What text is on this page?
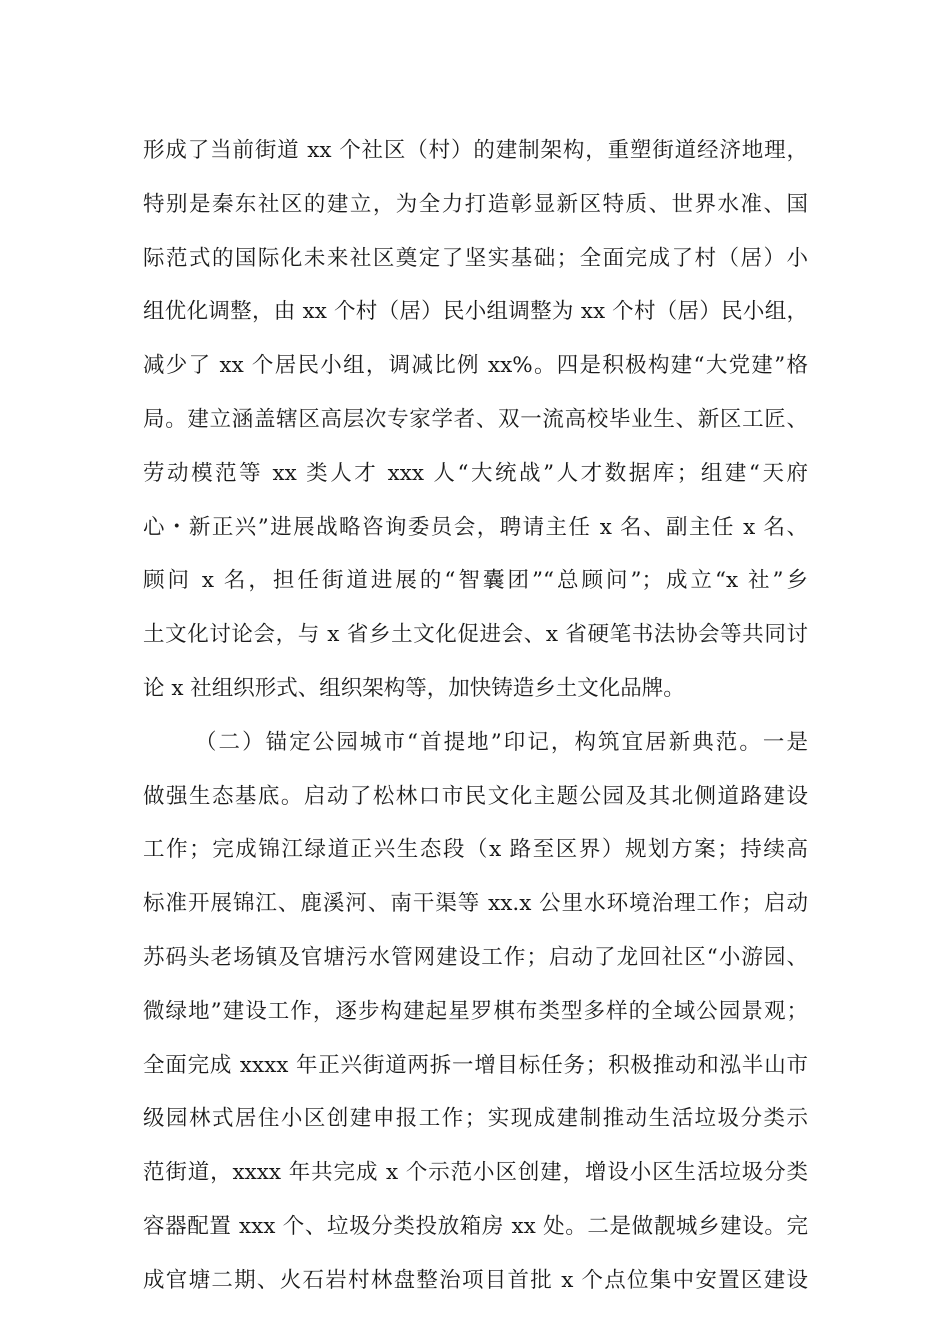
形成了当前街道 xx 个社区（村）的建制架构，重塑街道经济地理，
特别是秦东社区的建立，为全力打造彰显新区特质、世界水准、国
际范式的国际化未来社区奠定了坚实基础；全面完成了村（居）小
组优化调整，由 xx 个村（居）民小组调整为 xx 个村（居）民小组，
减少了 xx 个居民小组，调减比例 xx%。四是积极构建“大党建”格
局。建立涵盖辖区高层次专家学者、双一流高校毕业生、新区工匠、
劳动模范等 xx 类人才 xxx 人“大统战”人才数据库；组建“天府
心・新正兴”进展战略咨询委员会，聘请主任 x 名、副主任 x 名、
顾问 x 名，担任街道进展的“智囊团”“总顾问”；成立“x 社”乡
土文化讨论会，与 x 省乡土文化促进会、x 省硬笔书法协会等共同讨
论 x 社组织形式、组织架构等，加快铸造乡土文化品牌。
（二）锚定公园城市“首提地”印记，构筑宜居新典范。一是
做强生态基底。启动了松林口市民文化主题公园及其北侧道路建设
工作；完成锦江绿道正兴生态段（x 路至区界）规划方案；持续高
标准开展锦江、鹿溪河、南干渠等 xx.x 公里水环境治理工作；启动
苏码头老场镇及官塘污水管网建设工作；启动了龙回社区“小游园、
微绿地”建设工作，逐步构建起星罗棋布类型多样的全域公园景观；
全面完成 xxxx 年正兴街道两拆一增目标任务；积极推动和泓半山市
级园林式居住小区创建申报工作；实现成建制推动生活垃圾分类示
范街道，xxxx 年共完成 x 个示范小区创建，增设小区生活垃圾分类
容器配置 xxx 个、垃圾分类投放箱房 xx 处。二是做靓城乡建设。完
成官塘二期、火石岩村林盘整治项目首批 x 个点位集中安置区建设
